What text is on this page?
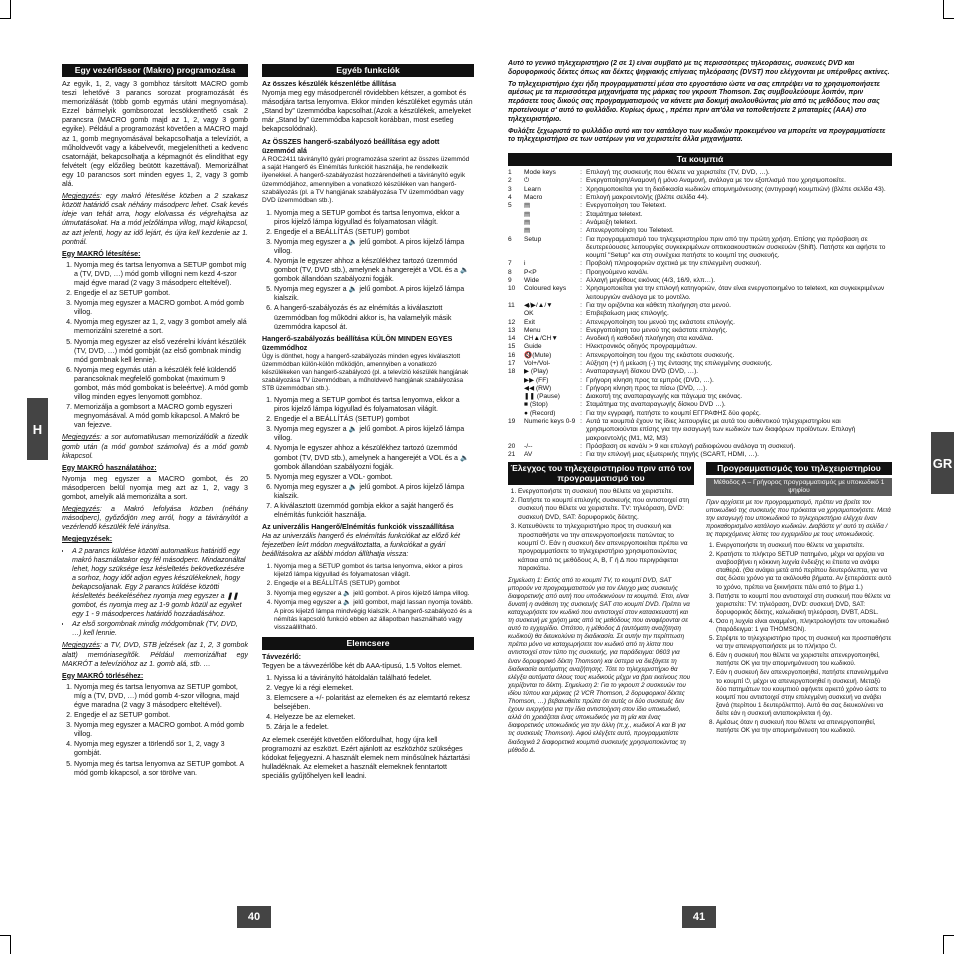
H
GR
Egy vezérlőssor (Makro) programozása

Az egyik, 1, 2, vagy 3 gombhoz társított MACRO gomb teszi lehetővé 3 parancs sorozat programozását és memorizálását (több gomb egymás utáni megnyomása). Ezzel bármelyik gombsorozat lecsökkenthető csak 2 parancsra (MACRO gomb majd az 1, 2, vagy 3 gomb egyike). Például a programozást követően a MACRO majd az 1, gomb megnyomásával bekapcsolhatja a televíziót, a műholdvevőt vagy a kábelvevőt, megjelenítheti a kedvenc csatornáját, bekapcsolhatja a képmagnót és elindíthat egy felvételt (egy előzőleg beütött kazettával). Memorizálhat egy 10 parancsos sort minden egyes 1, 2, vagy 3 gomb alá.

Megjegyzés: egy makró létesítése közben a 2 szakasz között határidő csak néhány másodperc lehet. Csak kevés ideje van tehát arra, hogy elolvassa és végrehajtsa az útmutatásokat. Ha a mód jelzőlámpa villog, majd kikapcsol, az azt jelenti, hogy az idő lejárt, és újra kell kezdenie az 1. pontnál.

Egy MAKRÓ létesítése:
1. Nyomja meg és tartsa lenyomva a SETUP gombot míg a (TV, DVD, …) mód gomb villogni nem kezd 4-szor majd égve marad (2 vagy 3 másodperc elteltével).
2. Engedje el az SETUP gombot.
3. Nyomja meg egyszer a MACRO gombot. A mód gomb villog.
4. Nyomja meg egyszer az 1, 2, vagy 3 gombot amely alá memorizálni szeretné a sort.
5. Nyomja meg egyszer az első vezérelni kívánt készülék (TV, DVD, …) mód gombját (az első gombnak mindig mód gombnak kell lennie).
6. Nyomja meg egymás után a készülék felé küldendő parancsoknak megfelelő gombokat (maximum 9 gombot, más mód gombokat is beleértve). A mód gomb villog minden egyes lenyomott gombhoz.
7. Memorizálja a gombsort a MACRO gomb egyszeri megnyomásával. A mód gomb kikapcsol. A Makró be van fejezve.

Megjegyzés: a sor automatikusan memorizálódik a tizedik gomb után (a mód gombot számolva) és a mód gomb kikapcsol.

Egy MAKRÓ használatához:

Nyomja meg egyszer a MACRO gombot, és 20 másodpercen belül nyomja meg azt az 1, 2, vagy 3 gombot, amelyik alá memorizálta a sort.

Megjegyzés: a Makró lefolyása közben (néhány másodperc), győződjön meg arról, hogy a távirányítót a vezérlendő készülék felé irányítsa.

Megjegyzések:
• A 2 parancs küldése közötti automatikus határidő egy makró használatakor egy fél másodperc. Mindazonáltal lehet, hogy szüksége lesz késleltetés bekövetkezésére a sorhoz, hogy időt adjon egyes készülékeknek, hogy bekapcsoljanak. Egy 2 parancs küldése közötti késleltetés beékeléséhez nyomja meg egyszer a ❚❚ gombot, és nyomja meg az 1-9 gomb közül az egyiket egy 1 - 9 másodperces határidő hozzáadásához.
• Az első sorgombnak mindig módgombnak (TV, DVD, …) kell lennie.

Megjegyzés: a TV, DVD, STB jelzések (az 1, 2, 3 gombok alatt) memóriasegítők. Például memorizálhat egy MAKRÓT a televízióhoz az 1. gomb alá, stb. …

Egy MAKRÓ törléséhez:
1. Nyomja meg és tartsa lenyomva az SETUP gombot, míg a (TV, DVD, …) mód gomb 4-szor villogna, majd égve maradna (2 vagy 3 másodperc elteltével).
2. Engedje el az SETUP gombot.
3. Nyomja meg egyszer a MACRO gombot. A mód gomb villog.
4. Nyomja meg egyszer a törlendő sor 1, 2, vagy 3 gombját.
5. Nyomja meg és tartsa lenyomva az SETUP gombot. A mód gomb kikapcsol, a sor törölve van.
Egyéb funkciók
Az összes készülék készenlétbe állítása

Nyomja meg egy másodpercnél rövidebben kétszer, a gombot és másodjára tartsa lenyomva. Ekkor minden készüléket egymás után „Stand by” üzemmódba kapcsolhat.(Azok a készülékek, amelyeket már „Stand by” üzemmódba kapcsolt korábban, most esetleg bekapcsolódnak).

Az ÖSSZES hangerő-szabályozó beállítása egy adott üzemmód alá

A ROC2411 távirányító gyári programozása szerint az összes üzemmód a saját Hangerő és Elnémítás funkcióit használja, he rendelkezik ilyenekkel. A hangerő-szabályozást hozzárendelheti a távirányító egyik üzemmódjához, amennyiben a vonatkozó készüléken van hangerő-szabályozás (pl. a TV hangjának szabályozása TV üzemmódban vagy DVD üzemmódban stb.).

1. Nyomja meg a SETUP gombot és tartsa lenyomva, ekkor a piros kijelző lámpa kigyullad és folyamatosan világít.
2. Engedje el a BEÁLLÍTÁS (SETUP) gombot
3. Nyomja meg egyszer a 🔈 jelű gombot. A piros kijelző lámpa villog.
4. Nyomja le egyszer ahhoz a készülékhez tartozó üzemmód gombot (TV, DVD stb.), amelynek a hangerejét a VOL és a 🔈 gombok állandóan szabályozni fogják.
5. Nyomja meg egyszer a 🔈 jelű gombot. A piros kijelző lámpa kialszik.
6. A hangerő-szabályozás és az elnémítás a kiválasztott üzemmódban fog működni akkor is, ha valamelyik másik üzemmódra kapcsol át.
Hangerő-szabályozás beállítása KÜLÖN MINDEN EGYES üzemmódhoz

Úgy is dönthet, hogy a hangerő-szabályozás minden egyes kiválasztott üzemmódban külön-külön működjön, amennyiben a vonatkozó készülékeken van hangerő-szabályozó (pl. a televízió készülék hangjának szabályozása TV üzemmódban, a műholdvevő hangjának szabályozása STB üzemmódban stb.).

1. Nyomja meg a SETUP gombot és tartsa lenyomva, ekkor a piros kijelző lámpa kigyullad és folyamatosan világít.
2. Engedje el a BEÁLLÍTÁS (SETUP) gombot
3. Nyomja meg egyszer a 🔈 jelű gombot. A piros kijelző lámpa villog.
4. Nyomja le egyszer ahhoz a készülékhez tartozó üzemmód gombot (TV, DVD stb.), amelynek a hangerejét a VOL és a 🔈 gombok állandóan szabályozni fogják.
5. Nyomja meg egyszer a VOL- gombot.
6. Nyomja meg egyszer a 🔈 jelű gombot. A piros kijelző lámpa kialszik.
7. A kiválasztott üzemmód gombja ekkor a saját hangerő és elnémítás funkcióit használja.
Az univerzális Hangerő/Elnémítás funkciók visszaállítása

Ha az univerzális hangerő és elnémítás funkciókat az előző két fejezetben leírt módon megváltoztatta, a funkciókat a gyári beállításokra az alábbi módon állíthatja vissza:

1. Nyomja meg a SETUP gombot és tartsa lenyomva, ekkor a piros kijelző lámpa kigyullad és folyamatosan világít.
2. Engedje el a BEÁLLÍTÁS (SETUP) gombot
3. Nyomja meg egyszer a 🔈 jelű gombot. A piros kijelző lámpa villog.
4. Nyomja meg egyszer a 🔈 jelű gombot, majd lassan nyomja tovább. A piros kijelző lámpa mindvégig kialszik. A hangerő-szabályozó és a némítás kapcsoló funkció ebben az állapotban használható vagy visszaállítható.
Elemcsere
Távvezérlő:

Tegyen be a távvezérlőbe két db AAA-típusú, 1.5 Voltos elemet.

1. Nyissa ki a távirányító hátoldalán található fedelet.
2. Vegye ki a régi elemeket.
3. Elemcsere a +/- polaritást az elemeken és az elemtartó rekesz belsejében.
4. Helyezze be az elemeket.
5. Zárja le a fedelet.

Az elemek cseréjét követően előfordulhat, hogy újra kell programozni az eszközt. Ezért ajánlott az eszközhöz szükséges kódokat feljegyezni. A használt elemek nem minősülnek háztartási hulladéknak. Az elemeket a használt elemeknek fenntartott speciális gyűjtőhelyen kell leadni.

Αυτό το γενικό τηλεχειριστήριο (2 σε 1) είναι συμβατό με τις περισσότερες τηλεοράσεις, συσκευές DVD και δορυφορικούς δέκτες όπως και δέκτες ψηφιακής επίγειας τηλεόρασης (DVST) που ελέγχονται με υπέρυθρες ακτίνες.

Το τηλεχειριστήριο έχει ήδη προγραμματιστεί μέσα στο εργοστάσιο ώστε να σας επιτρέψει να το χρησιμοποιήσετε αμέσως με τα περισσότερα μηχανήματα της μάρκας του γκρουπ Thomson. Σας συμβουλεύουμε λοιπόν, πριν περάσετε τους δικούς σας προγραμματισμούς να κάνετε μια δοκιμή ακολουθώντας μία από τις μεθόδους που σας προτείνουμε σ' αυτό το φυλλάδιο. Κυρίως όμως , πρέπει πριν απ'όλα να τοποθετήσετε 2 μπαταρίες (AAA) στο τηλεχειριστήριο.

Φυλάξτε ξεχωριστά το φυλλάδιο αυτό και τον κατάλογο των κωδικών προκειμένου να μπορείτε να προγραμματίσετε το τηλεχειριστήριο σε των υστέρων για να χειριστείτε άλλα μηχανήματα.

Τα κουμπιά
1	Mode keys	:	Επιλογή της συσκευής που θέλετε να χειριστείτε (TV, DVD, …).
2	⏻	:	Ενεργοποίηση/Αναμονή ή μόνο Αναμονή, ανάλογα με τον εξοπλισμό που χρησιμοποιείτε.
3	Learn	:	Χρησιμοποιείται για τη διαδικασία κωδικών απομνημόνευσης (αντιγραφή κουμπιών) (βλέπε σελίδα 43).
4	Macro	:	Επιλογή μακροεντολής (βλέπε σελίδα 44).
5	▤	:	Ενεργοποίηση του Teletext.
	▤	:	Σταμάτημα teletext.
	▤	:	Ανάμειξη teletext.
	▤	:	Απενεργοποίηση του Teletext.
6	Setup	:	Για προγραμματισμό του τηλεχειριστηρίου πριν από την πρώτη χρήση. Επίσης για πρόσβαση σε δευτερεύουσες λειτουργίες συγκεκριμένων οπτικοακουστικών συσκευών (Shift). Πατήστε και αφήστε το κουμπί "Setup" και στη συνέχεια πατήστε το κουμπί της συσκευής.
7	i	:	Προβολή πληροφοριών σχετικά με την επιλεγμένη συσκευή.
8	P<P	:	Προηγούμενο κανάλι.
9	Wide	:	Αλλαγή μεγέθους εικόνας (4/3, 16/9, κλπ…).
10	Coloured keys	:	Χρησιμοποιείται για την επιλογή κατηγοριών, όταν είναι ενεργοποιημένο το teletext, και συγκεκριμένων λειτουργιών ανάλογα με το μοντέλο.
11	◀/▶/▲/▼	:	Για την οριζόντια και κάθετη πλοήγηση στα μενού.
	OK	:	Επιβεβαίωση μιας επιλογής.
12	Exit	:	Απενεργοποίηση του μενού της εκάστοτε επιλογής.
13	Menu	:	Ενεργοποίηση του μενού της εκάστοτε επιλογής.
14	CH▲/CH▼	:	Ανοδική ή καθοδική πλοήγηση στα κανάλια.
15	Guide	:	Ηλεκτρονικός οδηγός προγραμμάτων.
16	🔇(Mute)	:	Απενεργοποίηση του ήχου της εκάστοτε συσκευής.
17	Vol+/Vol-	:	Αύξηση (+) ή μείωση (-) της έντασης της επιλεγμένης συσκευής.
18	▶ (Play)	:	Αναπαραγωγή δίσκου DVD (DVD, …).
	▶▶ (FF)	:	Γρήγορη κίνηση προς τα εμπρός (DVD, …).
	◀◀ (RW)	:	Γρήγορη κίνηση προς τα πίσω (DVD, …).
	❚❚ (Pause)	:	Διακοπή της αναπαραγωγής και πάγωμα της εικόνας.
	■ (Stop)	:	Σταμάτημα της αναπαραγωγής δίσκου DVD …).
	● (Record)	:	Για την εγγραφή, πατήστε το κουμπί ΕΓΓΡΑΦΗΣ δύο φορές.
19	Numeric keys 0-9	:	Αυτά τα κουμπιά έχουν τις ίδιες λειτουργίες με αυτά του αυθεντικού τηλεχειριστηρίου και χρησιμοποιούνται επίσης για την εισαγωγή των κωδικών των διαφόρων προϊόντων. Επιλογή μακροεντολής (M1, M2, M3)
20	-/--	:	Πρόσβαση σε κανάλι > 9 και επιλογή ραδιοφώνου ανάλογα τη συσκευή.
21	AV	:	Για την επιλογή μιας εξωτερικής πηγής (SCART, HDMI, …).
Έλεγχος του τηλεχειριστηρίου πριν από τον προγραμματισμό του
1. Ενεργοποιήστε τη συσκευή που θέλετε να χειριστείτε.
2. Πατήστε το κουμπί επιλογής συσκευής που αντιστοιχεί στη συσκευή που θέλετε να χειριστείτε. TV: τηλεόραση, DVD: συσκευή DVD, SAT: δορυφορικός δέκτης.
3. Κατευθύνετε το τηλεχειριστήριο προς τη συσκευή και προσπαθήστε να την απενεργοποιήσετε πατώντας το κουμπί ⏻. Εάν η συσκευή δεν απενεργοποιείται πρέπει να προγραμματίσετε το τηλεχειριστήριο χρησιμοποιώντας κάποια από τις μεθόδους A, B, Γ ή Δ που περιγράφεται παρακάτω.

Σημείωση 1: Εκτός από το κουμπί TV, το κουμπί DVD, SAT μπορούν να προγραμματιστούν για τον έλεγχο μιας συσκευής διαφορετικής από αυτή που υποδεικνύουν τα κουμπιά. Έτσι, είναι δυνατή η ανάθεση της συσκευής SAT στο κουμπί DVD. Πρέπει να καταχωρήσετε τον κωδικό που αντιστοιχεί στον κατασκευαστή και τη συσκευή με χρήση μιας από τις μεθόδους που αναφέρονται σε αυτό το εγχειρίδιο. Οπότσο, η μέθοδος Δ (αυτόματη αναζήτηση κωδικού) θα διευκολύνει τη διαδικασία. Σε αυτήν την περίπτωση πρέπει μόνο να καταχωρήσετε τον κωδικό από τη λίστα που αντιστοιχεί στον τύπο της συσκευής, για παράδειγμα: 0603 για έναν δορυφορικό δέκτη Thomson) και ύστερα να διεξάγετε τη διαδικασία αυτόματης αναζήτησης. Τότε το τηλεχειριστήριο θα ελέγξει αυτόματα όλους τους κωδικούς μέχρι να βρει εκείνους που χειρίζονται το δέκτη. Σημείωση 2: Για το γκρουπ 2 συσκευών του ιδίου τύπου και μάρκας (2 VCR Thomson, 2 δορυφορικοί δέκτες Thomson, …) βεβαιωθείτε πρώτα ότι αυτές οι δύο συσκευές δεν έχουν ενεργήσει για την ίδια αντιστοίχιση στον ίδιο υποκωδικό, αλλά ότι χρειάζεται ένας υποκωδικός για τη μία και ένας διαφορετικός υποκωδικός για την άλλη (π.χ., κωδικοί A και B για τις συσκευές Thomson). Αφού ελέγξετε αυτό, προγραμματίστε διαδοχικά 2 διαφορετικά κουμπιά συσκευής χρησιμοποιώντας τη μέθοδο Δ.

Προγραμματισμός του τηλεχειριστηρίου
Μέθοδος A – Γρήγορος προγραμματισμός με υποκωδικό 1 ψηφίου

Πριν αρχίσετε με τον προγραμματισμό, πρέπει να βρείτε τον υποκωδικό της συσκευής που πρόκειται να χρησιμοποιήσετε. Μετά την εισαγωγή του υποκωδικού το τηλεχειριστήριο ελέγχει έναν προκαθορισμένο κατάλογο κωδικών. Διαβάστε γι' αυτό τη σελίδα / τις παρεχόμενες λίστες του εγχειριδίου με τους υποκωδικούς.

1. Ενεργοποιήστε τη συσκευή που θέλετε να χειριστείτε.
2. Κρατήστε το πλήκτρο SETUP πατημένο, μέχρι να αρχίσει να αναβοσβήνει η κόκκινη λυχνία ένδειξης κι έπειτα να ανάψει σταθερά. (Θα ανάψει μετά από περίπου δευτερόλεπτα, για να σας δώσει χρόνο για τα ακόλουθα βήματα. Αν ξεπεράσετε αυτό το χρόνο, πρέπει να ξεκινήσετε πάλι από το βήμα 1.)
3. Πατήστε το κουμπί που αντιστοιχεί στη συσκευή που θέλετε να χειριστείτε: TV: τηλεόραση, DVD: συσκευή DVD, SAT: δορυφορικός δέκτης, καλωδιακή τηλεόραση, DVBT, ADSL.
4. Όσο η λυχνία είναι αναμμένη, πληκτρολογήστε τον υποκωδικό (παράδειγμα: 1 για THOMSON).
5. Στρέψτε το τηλεχειριστήριο προς τη συσκευή και προσπαθήστε να την απενεργοποιήσετε με το πλήκτρο ⏻.
6. Εάν η συσκευή που θέλετε να χειριστείτε απενεργοποιηθεί, πατήστε OK για την απομνημόνευση του κωδικού.
7. Εάν η συσκευή δεν απενεργοποιηθεί, πατήστε επανειλημμένα το κουμπί ⏻, μέχρι να απενεργοποιηθεί η συσκευή. Μεταξύ δύο πατημάτων του κουμπιού αφήνετε αρκετό χρόνο ώστε το κουμπί που αντιστοιχεί στην επιλεγμένη συσκευή να ανάβει ξανά (περίπου 1 δευτερόλεπτο). Αυτό θα σας διευκολύνει να δείτε εάν η συσκευή ανταποκρίνεται ή όχι.
8. Αμέσως όταν η συσκευή που θέλετε να απενεργοποιηθεί, πατήστε OK για την απομνημόνευση του κωδικού.
40	41
